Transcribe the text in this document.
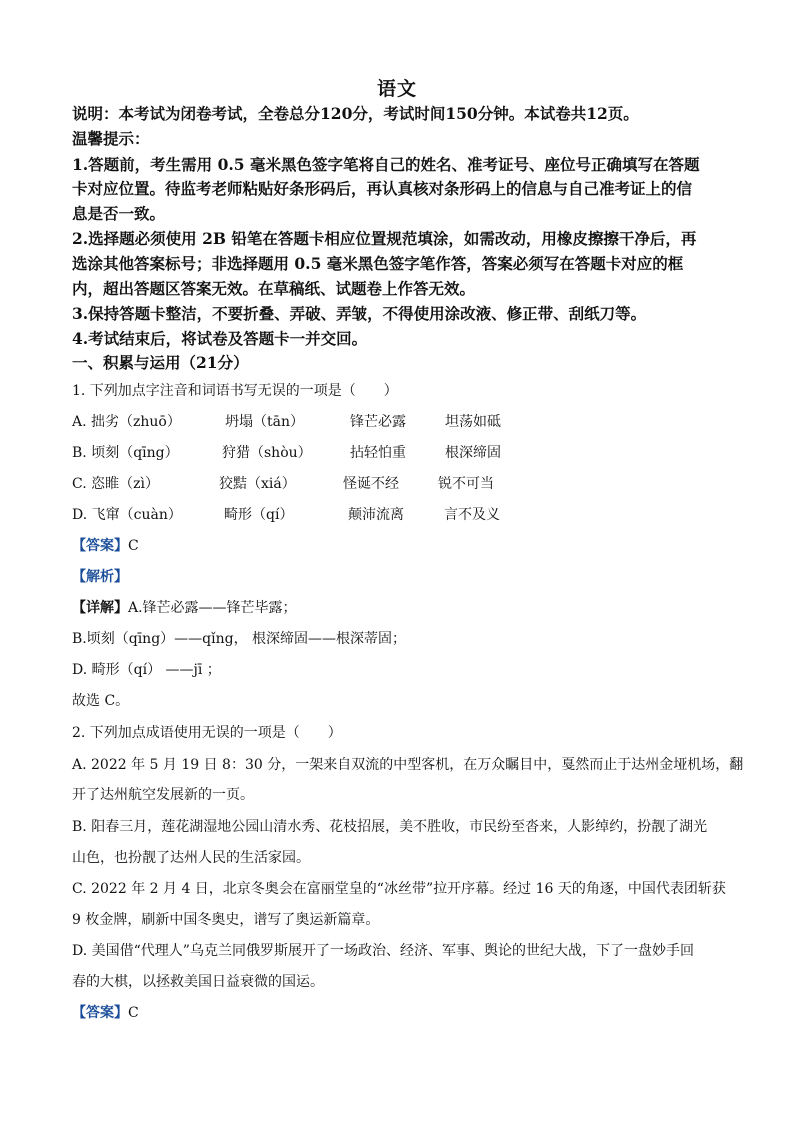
语文
说明：本考试为闭卷考试，全卷总分120分，考试时间150分钟。本试卷共12页。
温馨提示：
1.答题前，考生需用 0.5 毫米黑色签字笔将自己的姓名、准考证号、座位号正确填写在答题
卡对应位置。待监考老师粘贴好条形码后，再认真核对条形码上的信息与自己准考证上的信
息是否一致。
2.选择题必须使用 2B 铅笔在答题卡相应位置规范填涂，如需改动，用橡皮擦擦干净后，再
选涂其他答案标号；非选择题用 0.5 毫米黑色签字笔作答，答案必须写在答题卡对应的框
内，超出答题区答案无效。在草稿纸、试题卷上作答无效。
3.保持答题卡整洁，不要折叠、弄破、弄皱，不得使用涂改液、修正带、刮纸刀等。
4.考试结束后，将试卷及答题卡一并交回。
一、积累与运用（21分）
1. 下列加点字注音和词语书写无误的一项是（　　）
A. 拙劣（zhuō）	坍塌（tān）	锋芒必露	坦荡如砥
B. 顷刻（qīng）	狩猎（shòu）	拈轻怕重	根深缔固
C. 恣睢（zì）	狡黠（xiá）	怪诞不经	锐不可当
D. 飞窜（cuàn）	畸形（qí）	颠沛流离	言不及义
【答案】C
【解析】
【详解】A.锋芒必露——锋芒毕露；
B.顷刻（qīng）——qǐng， 根深缔固——根深蒂固；
D. 畸形（qí） ——jī ；
故选 C。
2. 下列加点成语使用无误的一项是（　　）
A. 2022 年 5 月 19 日 8：30 分，一架来自双流的中型客机，在万众瞩目中，戛然而止于达州金垭机场，翻
开了达州航空发展新的一页。
B. 阳春三月，莲花湖湿地公园山清水秀、花枝招展，美不胜收，市民纷至沓来，人影绰约，扮靓了湖光
山色，也扮靓了达州人民的生活家园。
C. 2022 年 2 月 4 日，北京冬奥会在富丽堂皇的“冰丝带”拉开序幕。经过 16 天的角逐，中国代表团斩获
9 枚金牌，刷新中国冬奥史，谱写了奥运新篇章。
D. 美国借“代理人”乌克兰同俄罗斯展开了一场政治、经济、军事、舆论的世纪大战，下了一盘妙手回
春的大棋，以拯救美国日益衰微的国运。
【答案】C
